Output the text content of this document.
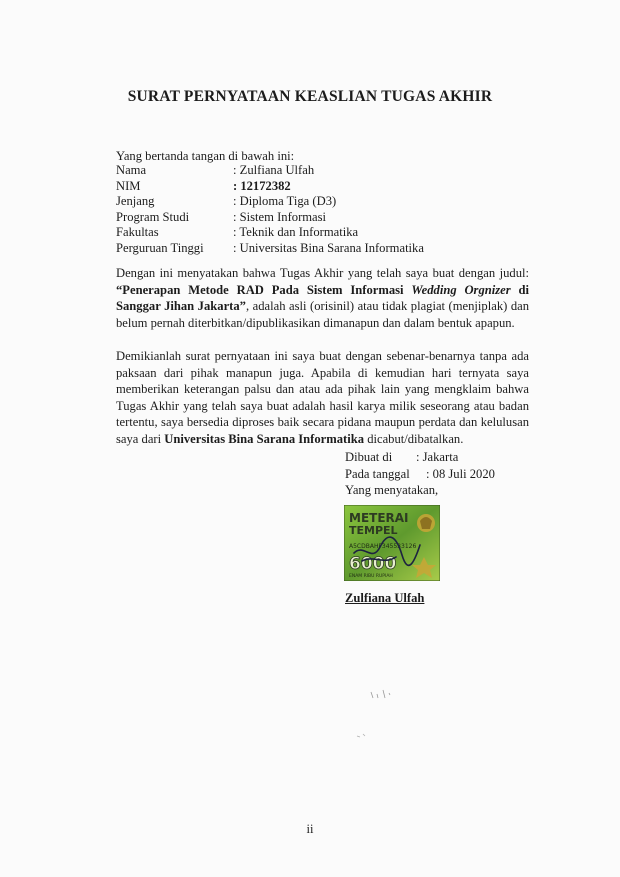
SURAT PERNYATAAN KEASLIAN TUGAS AKHIR
Yang bertanda tangan di bawah ini:
Nama	: Zulfiana Ulfah
NIM	: 12172382
Jenjang	: Diploma Tiga (D3)
Program Studi	: Sistem Informasi
Fakultas	: Teknik dan Informatika
Perguruan Tinggi	: Universitas Bina Sarana Informatika
Dengan ini menyatakan bahwa Tugas Akhir yang telah saya buat dengan judul: “Penerapan Metode RAD Pada Sistem Informasi Wedding Orgnizer di Sanggar Jihan Jakarta”, adalah asli (orisinil) atau tidak plagiat (menjiplak) dan belum pernah diterbitkan/dipublikasikan dimanapun dan dalam bentuk apapun.
Demikianlah surat pernyataan ini saya buat dengan sebenar-benarnya tanpa ada paksaan dari pihak manapun juga. Apabila di kemudian hari ternyata saya memberikan keterangan palsu dan atau ada pihak lain yang mengklaim bahwa Tugas Akhir yang telah saya buat adalah hasil karya milik seseorang atau badan tertentu, saya bersedia diproses baik secara pidana maupun perdata dan kelulusan saya dari Universitas Bina Sarana Informatika dicabut/dibatalkan.
Dibuat di	: Jakarta
Pada tanggal	: 08 Juli 2020
Yang menyatakan,
METERAI
TEMPEL
A5CDBAHF345533126
6000
ENAM RIBU RUPIAH
Zulfiana Ulfah
ii
